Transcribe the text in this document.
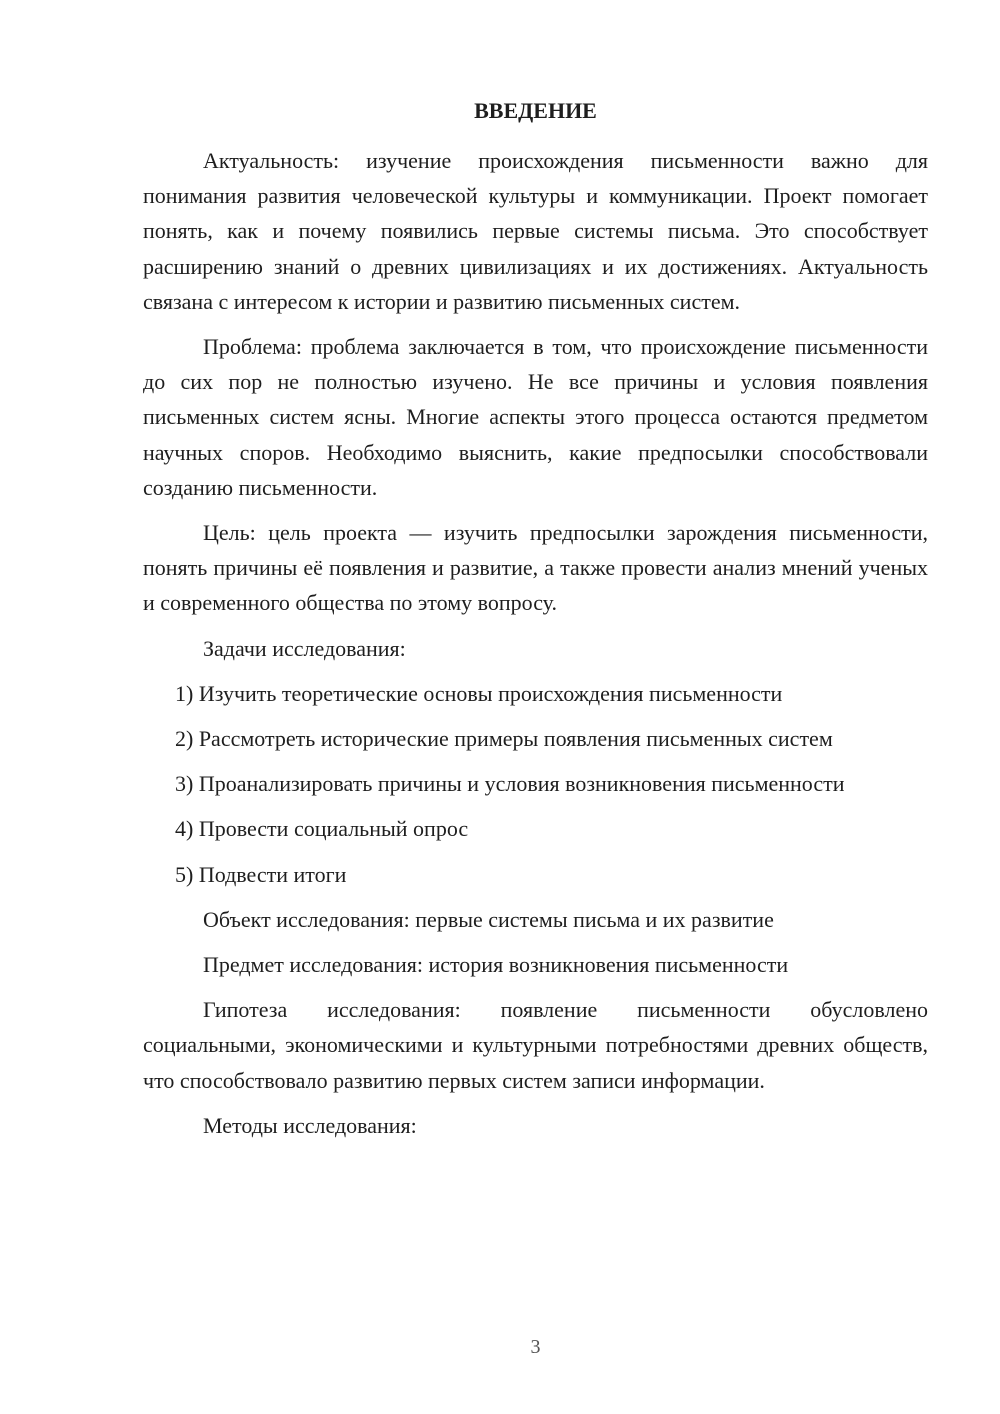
ВВЕДЕНИЕ

Актуальность: изучение происхождения письменности важно для понимания развития человеческой культуры и коммуникации. Проект помогает понять, как и почему появились первые системы письма. Это способствует расширению знаний о древних цивилизациях и их достижениях. Актуальность связана с интересом к истории и развитию письменных систем.

Проблема: проблема заключается в том, что происхождение письменности до сих пор не полностью изучено. Не все причины и условия появления письменных систем ясны. Многие аспекты этого процесса остаются предметом научных споров. Необходимо выяснить, какие предпосылки способствовали созданию письменности.

Цель: цель проекта — изучить предпосылки зарождения письменности, понять причины её появления и развитие, а также провести анализ мнений ученых и современного общества по этому вопросу.

Задачи исследования:

1) Изучить теоретические основы происхождения письменности

2) Рассмотреть исторические примеры появления письменных систем

3) Проанализировать причины и условия возникновения письменности

4) Провести социальный опрос

5) Подвести итоги

Объект исследования: первые системы письма и их развитие

Предмет исследования: история возникновения письменности

Гипотеза исследования: появление письменности обусловлено социальными, экономическими и культурными потребностями древних обществ, что способствовало развитию первых систем записи информации.

Методы исследования:

3
